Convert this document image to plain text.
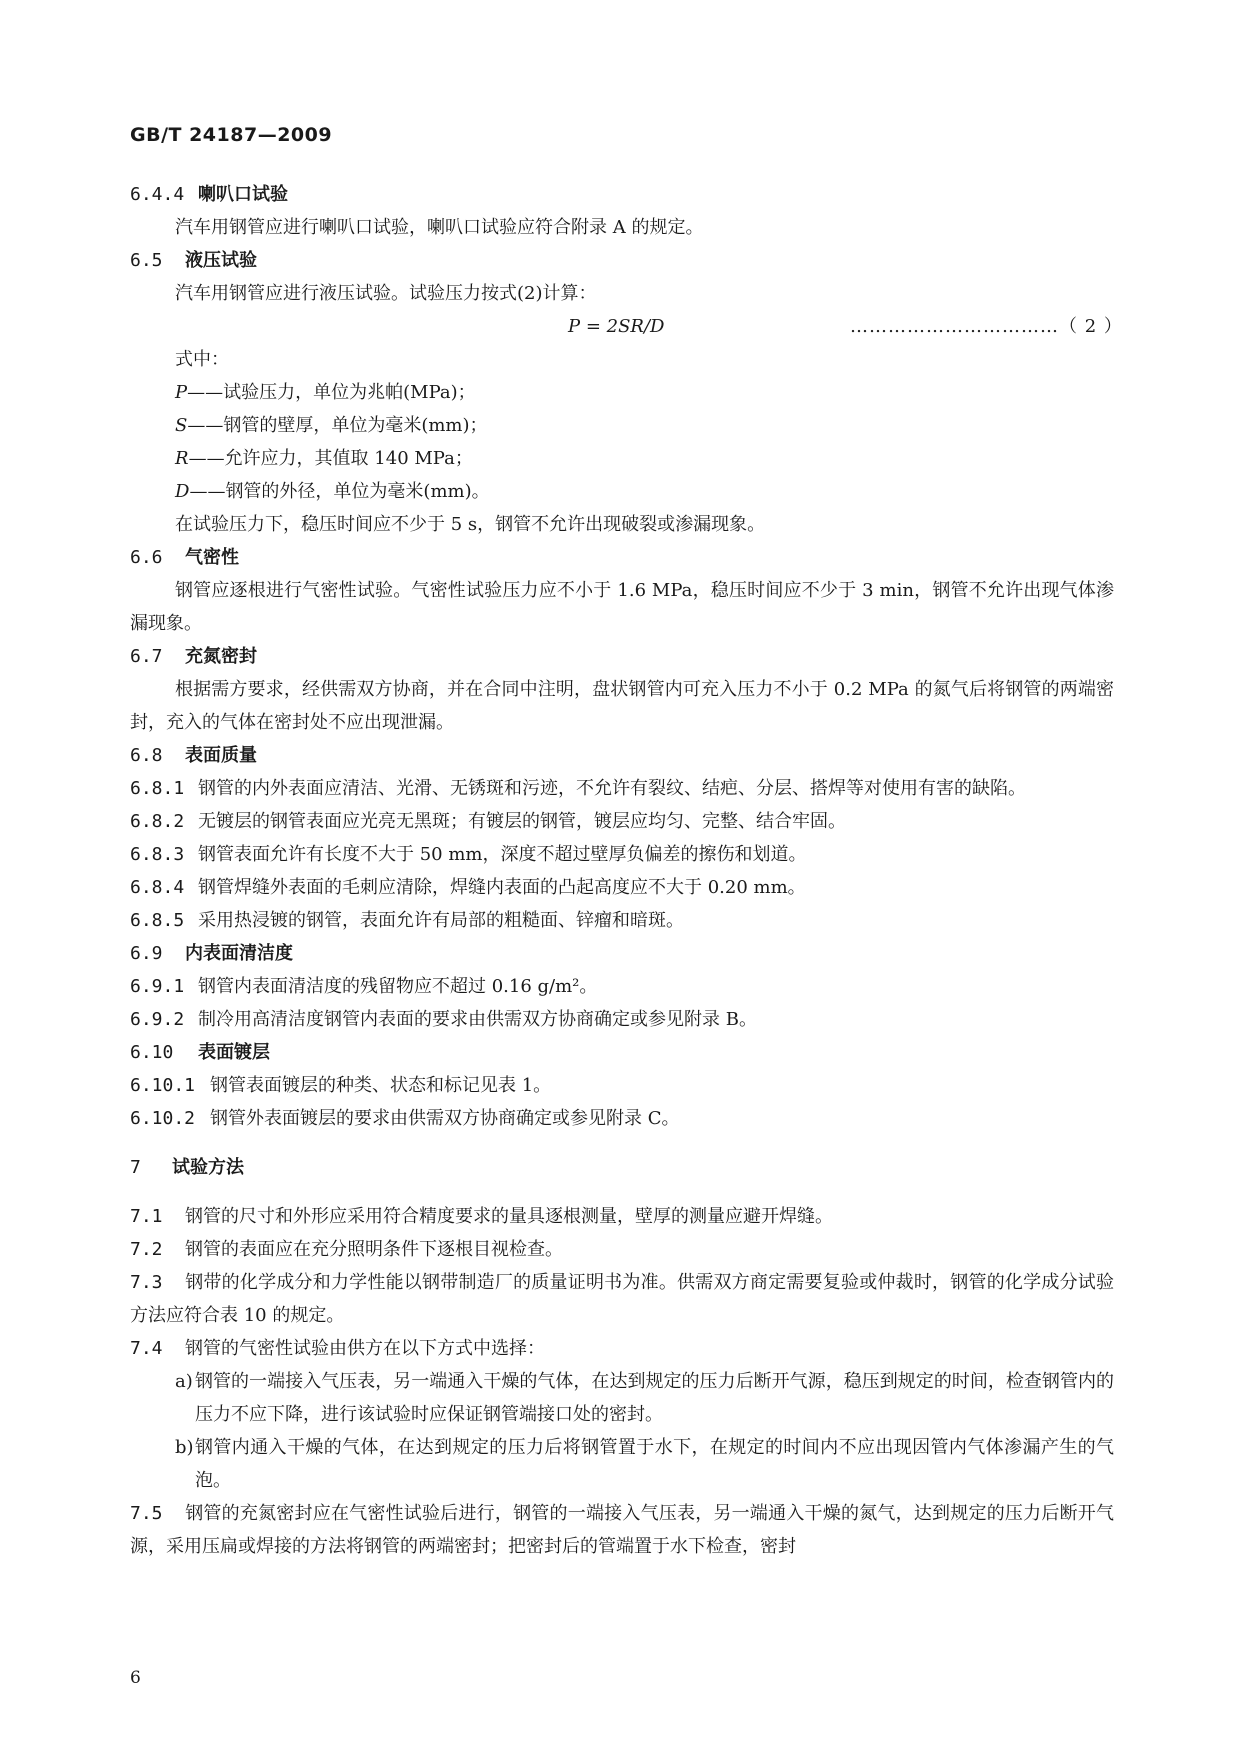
GB/T 24187—2009
6.4.4 喇叭口试验
汽车用钢管应进行喇叭口试验，喇叭口试验应符合附录 A 的规定。
6.5 液压试验
汽车用钢管应进行液压试验。试验压力按式(2)计算：
P = 2SR/D	……………………………（ 2 ）
式中：
P——试验压力，单位为兆帕(MPa)；
S——钢管的壁厚，单位为毫米(mm)；
R——允许应力，其值取 140 MPa；
D——钢管的外径，单位为毫米(mm)。
在试验压力下，稳压时间应不少于 5 s，钢管不允许出现破裂或渗漏现象。
6.6 气密性
钢管应逐根进行气密性试验。气密性试验压力应不小于 1.6 MPa，稳压时间应不少于 3 min，钢管不允许出现气体渗漏现象。
6.7 充氮密封
根据需方要求，经供需双方协商，并在合同中注明，盘状钢管内可充入压力不小于 0.2 MPa 的氮气后将钢管的两端密封，充入的气体在密封处不应出现泄漏。
6.8 表面质量
6.8.1 钢管的内外表面应清洁、光滑、无锈斑和污迹，不允许有裂纹、结疤、分层、搭焊等对使用有害的缺陷。
6.8.2 无镀层的钢管表面应光亮无黑斑；有镀层的钢管，镀层应均匀、完整、结合牢固。
6.8.3 钢管表面允许有长度不大于 50 mm，深度不超过壁厚负偏差的擦伤和划道。
6.8.4 钢管焊缝外表面的毛刺应清除，焊缝内表面的凸起高度应不大于 0.20 mm。
6.8.5 采用热浸镀的钢管，表面允许有局部的粗糙面、锌瘤和暗斑。
6.9 内表面清洁度
6.9.1 钢管内表面清洁度的残留物应不超过 0.16 g/m²。
6.9.2 制冷用高清洁度钢管内表面的要求由供需双方协商确定或参见附录 B。
6.10 表面镀层
6.10.1 钢管表面镀层的种类、状态和标记见表 1。
6.10.2 钢管外表面镀层的要求由供需双方协商确定或参见附录 C。
7 试验方法
7.1 钢管的尺寸和外形应采用符合精度要求的量具逐根测量，壁厚的测量应避开焊缝。
7.2 钢管的表面应在充分照明条件下逐根目视检查。
7.3 钢带的化学成分和力学性能以钢带制造厂的质量证明书为准。供需双方商定需要复验或仲裁时，钢管的化学成分试验方法应符合表 10 的规定。
7.4 钢管的气密性试验由供方在以下方式中选择：
a) 钢管的一端接入气压表，另一端通入干燥的气体，在达到规定的压力后断开气源，稳压到规定的时间，检查钢管内的压力不应下降，进行该试验时应保证钢管端接口处的密封。
b) 钢管内通入干燥的气体，在达到规定的压力后将钢管置于水下，在规定的时间内不应出现因管内气体渗漏产生的气泡。
7.5 钢管的充氮密封应在气密性试验后进行，钢管的一端接入气压表，另一端通入干燥的氮气，达到规定的压力后断开气源，采用压扁或焊接的方法将钢管的两端密封；把密封后的管端置于水下检查，密封
6
